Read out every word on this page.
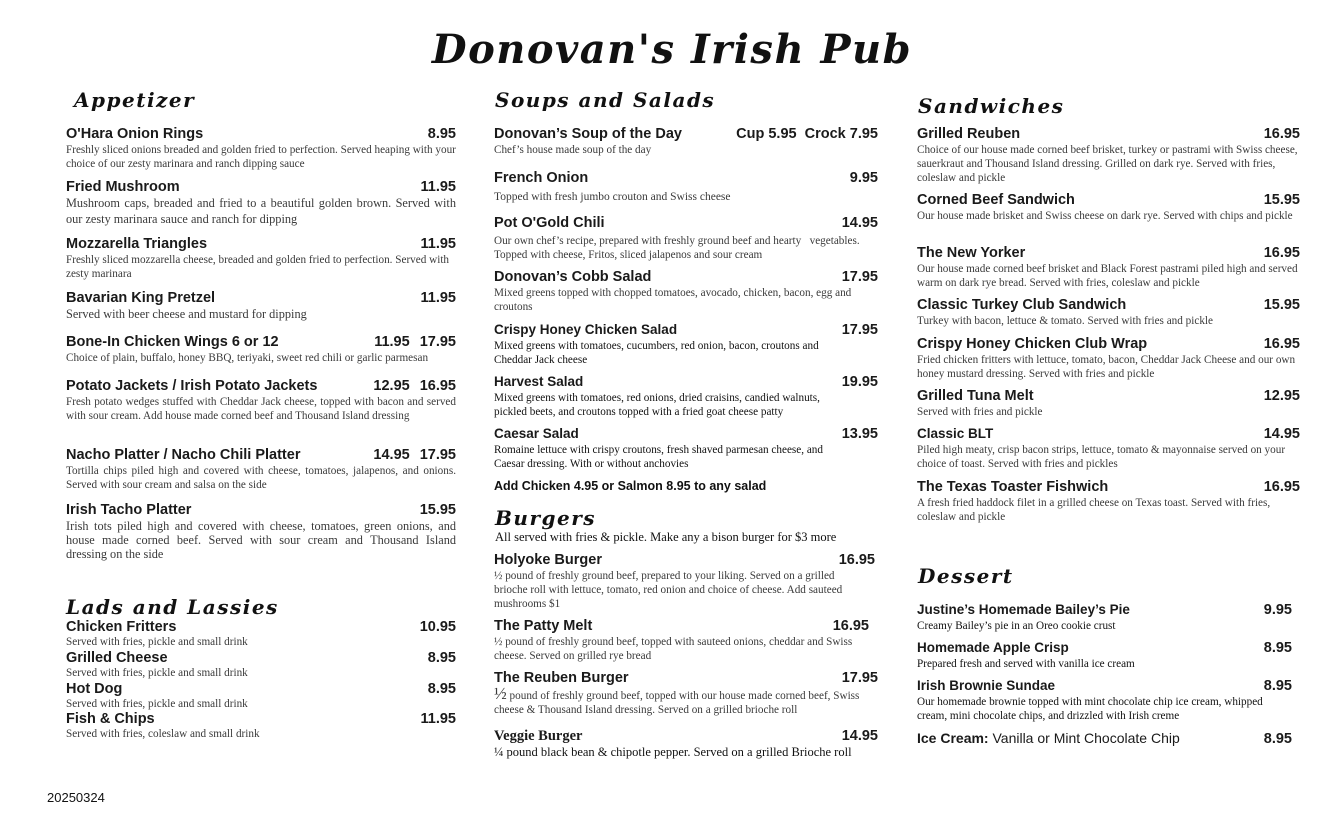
Donovan's Irish Pub
Appetizer
O'Hara Onion Rings	8.95
Freshly sliced onions breaded and golden fried to perfection. Served heaping with your choice of our zesty marinara and ranch dipping sauce
Fried Mushroom	11.95
Mushroom caps, breaded and fried to a beautiful golden brown. Served with our zesty marinara sauce and ranch for dipping
Mozzarella Triangles	11.95
Freshly sliced mozzarella cheese, breaded and golden fried to perfection. Served with zesty marinara
Bavarian King Pretzel	11.95
Served with beer cheese and mustard for dipping
Bone-In Chicken Wings 6 or 12	11.95 17.95
Choice of plain, buffalo, honey BBQ, teriyaki, sweet red chili or garlic parmesan
Potato Jackets / Irish Potato Jackets	12.95 16.95
Fresh potato wedges stuffed with Cheddar Jack cheese, topped with bacon and served with sour cream. Add house made corned beef and Thousand Island dressing
Nacho Platter / Nacho Chili Platter	14.95 17.95
Tortilla chips piled high and covered with cheese, tomatoes, jalapenos, and onions. Served with sour cream and salsa on the side
Irish Tacho Platter	15.95
Irish tots piled high and covered with cheese, tomatoes, green onions, and house made corned beef. Served with sour cream and Thousand Island dressing on the side
Lads and Lassies
Chicken Fritters	10.95
Served with fries, pickle and small drink
Grilled Cheese	8.95
Served with fries, pickle and small drink
Hot Dog	8.95
Served with fries, pickle and small drink
Fish & Chips	11.95
Served with fries, coleslaw and small drink
Soups and Salads
Donovan’s Soup of the Day	Cup 5.95  Crock 7.95
Chef’s house made soup of the day
French Onion	9.95
Topped with fresh jumbo crouton and Swiss cheese
Pot O'Gold Chili	14.95
Our own chef’s recipe, prepared with freshly ground beef and hearty   vegetables. Topped with cheese, Fritos, sliced jalapenos and sour cream
Donovan’s Cobb Salad	17.95
Mixed greens topped with chopped tomatoes, avocado, chicken, bacon, egg and croutons
Crispy Honey Chicken Salad	17.95
Mixed greens with tomatoes, cucumbers, red onion, bacon, croutons and Cheddar Jack cheese
Harvest Salad	19.95
Mixed greens with tomatoes, red onions, dried craisins, candied walnuts, pickled beets, and croutons topped with a fried goat cheese patty
Caesar Salad	13.95
Romaine lettuce with crispy croutons, fresh shaved parmesan cheese, and Caesar dressing. With or without anchovies
Add Chicken 4.95 or Salmon 8.95 to any salad
Burgers
All served with fries & pickle. Make any a bison burger for $3 more
Holyoke Burger	16.95
½ pound of freshly ground beef, prepared to your liking. Served on a grilled brioche roll with lettuce, tomato, red onion and choice of cheese. Add sauteed mushrooms $1
The Patty Melt	16.95
½ pound of freshly ground beef, topped with sauteed onions, cheddar and Swiss cheese. Served on grilled rye bread
The Reuben Burger	17.95
½ pound of freshly ground beef, topped with our house made corned beef, Swiss cheese & Thousand Island dressing. Served on a grilled brioche roll
Veggie Burger	14.95
¼ pound black bean & chipotle pepper. Served on a grilled Brioche roll
Sandwiches
Grilled Reuben	16.95
Choice of our house made corned beef brisket, turkey or pastrami with Swiss cheese, sauerkraut and Thousand Island dressing. Grilled on dark rye. Served with fries, coleslaw and pickle
Corned Beef Sandwich	15.95
Our house made brisket and Swiss cheese on dark rye. Served with chips and pickle
The New Yorker	16.95
Our house made corned beef brisket and Black Forest pastrami piled high and served warm on dark rye bread. Served with fries, coleslaw and pickle
Classic Turkey Club Sandwich	15.95
Turkey with bacon, lettuce & tomato. Served with fries and pickle
Crispy Honey Chicken Club Wrap	16.95
Fried chicken fritters with lettuce, tomato, bacon, Cheddar Jack Cheese and our own honey mustard dressing. Served with fries and pickle
Grilled Tuna Melt	12.95
Served with fries and pickle
Classic BLT	14.95
Piled high meaty, crisp bacon strips, lettuce, tomato & mayonnaise served on your choice of toast. Served with fries and pickles
The Texas Toaster Fishwich	16.95
A fresh fried haddock filet in a grilled cheese on Texas toast. Served with fries, coleslaw and pickle
Dessert
Justine’s Homemade Bailey’s Pie	9.95
Creamy Bailey’s pie in an Oreo cookie crust
Homemade Apple Crisp	8.95
Prepared fresh and served with vanilla ice cream
Irish Brownie Sundae	8.95
Our homemade brownie topped with mint chocolate chip ice cream, whipped cream, mini chocolate chips, and drizzled with Irish creme
Ice Cream: Vanilla or Mint Chocolate Chip	8.95
20250324
